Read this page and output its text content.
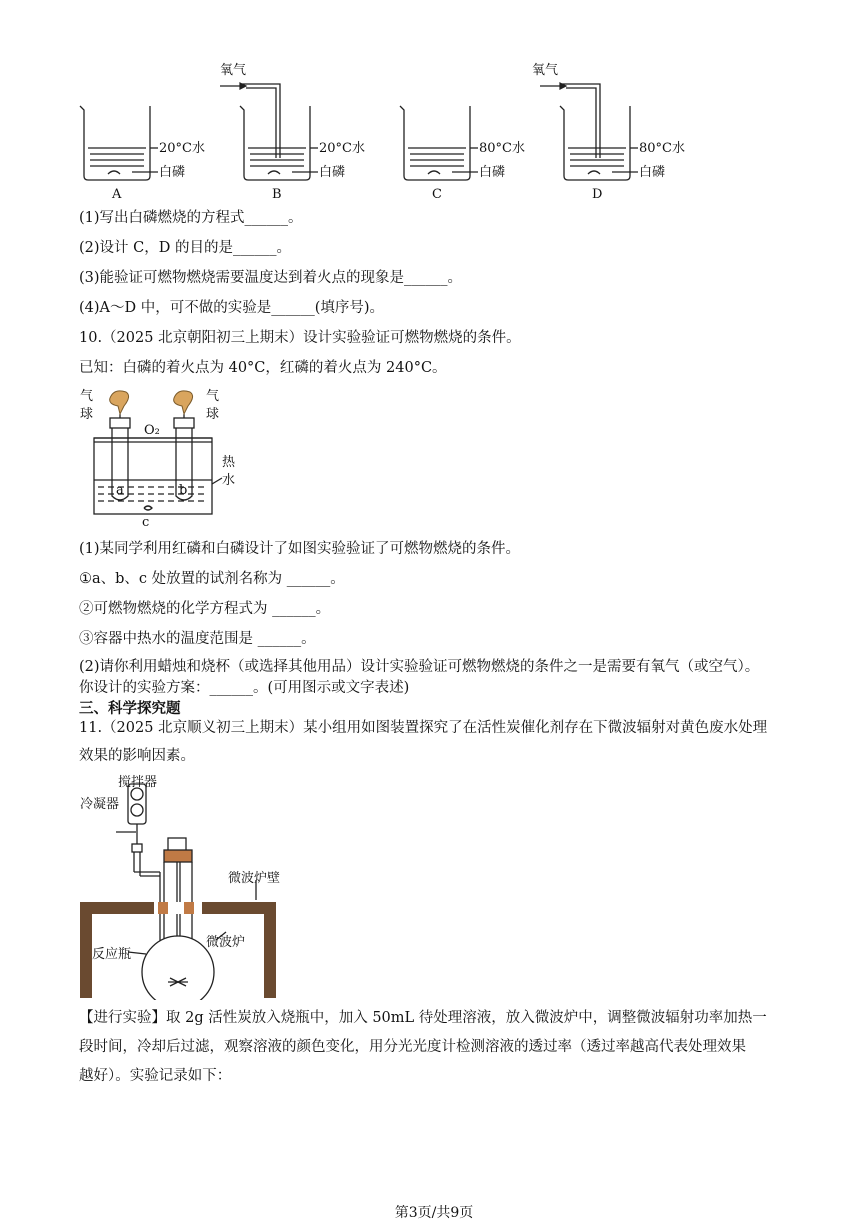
氧气	氧气
20°C水
白磷
A
20°C水
白磷
B
80°C水
白磷
C
80°C水
白磷
D
(1)写出白磷燃烧的方程式______。
(2)设计 C，D 的目的是______。
(3)能验证可燃物燃烧需要温度达到着火点的现象是______。
(4)A～D 中，可不做的实验是______(填序号)。
10.（2025 北京朝阳初三上期末）设计实验验证可燃物燃烧的条件。
已知：白磷的着火点为 40°C，红磷的着火点为 240°C。
气
球
气
球
O₂
a	b
c
热
水
(1)某同学利用红磷和白磷设计了如图实验验证了可燃物燃烧的条件。
①a、b、c 处放置的试剂名称为 ______。
②可燃物燃烧的化学方程式为 ______。
③容器中热水的温度范围是 ______。
(2)请你利用蜡烛和烧杯（或选择其他用品）设计实验验证可燃物燃烧的条件之一是需要有氧气（或空气）。
你设计的实验方案：______。(可用图示或文字表述)
三、科学探究题
11.（2025 北京顺义初三上期末）某小组用如图装置探究了在活性炭催化剂存在下微波辐射对黄色废水处理
效果的影响因素。
搅拌器
冷凝器
微波炉壁
微波炉
反应瓶
【进行实验】取 2g 活性炭放入烧瓶中，加入 50mL 待处理溶液，放入微波炉中，调整微波辐射功率加热一
段时间，冷却后过滤，观察溶液的颜色变化，用分光光度计检测溶液的透过率（透过率越高代表处理效果
越好）。实验记录如下：
第3页/共9页
